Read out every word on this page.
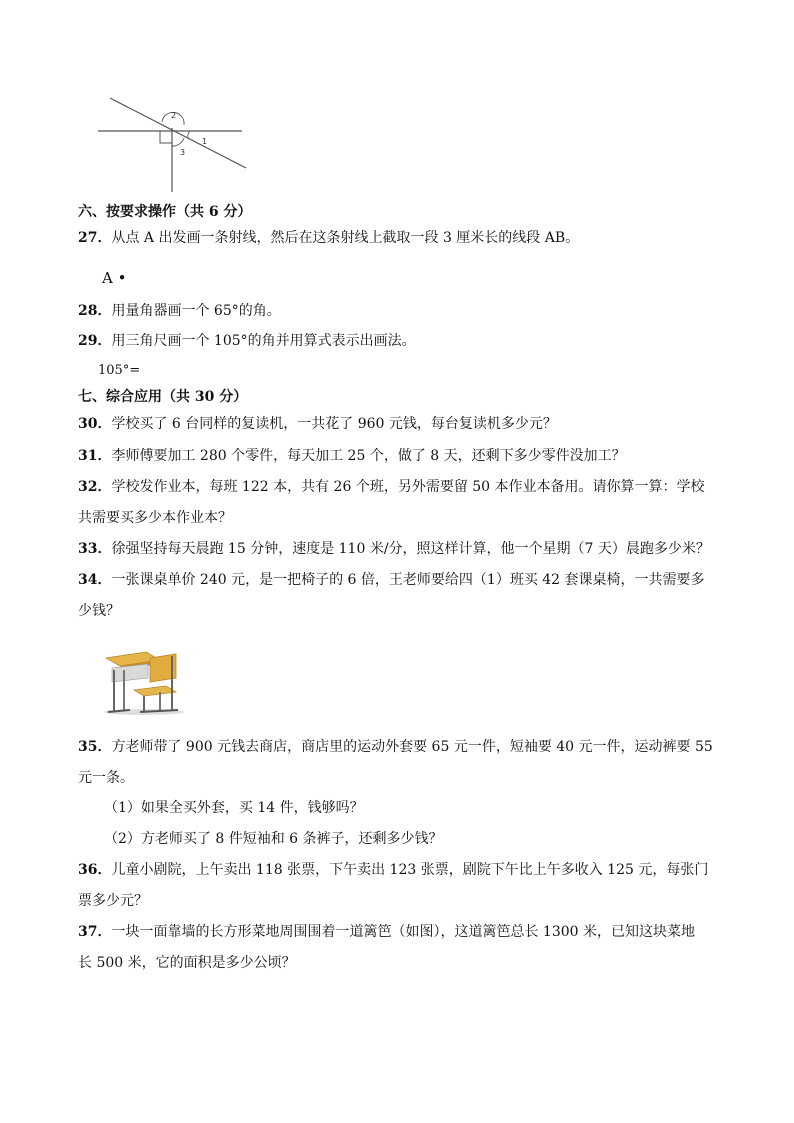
2
1
3
六、按要求操作（共 6 分）
27．从点 A 出发画一条射线，然后在这条射线上截取一段 3 厘米长的线段 AB。
A •
28．用量角器画一个 65°的角。
29．用三角尺画一个 105°的角并用算式表示出画法。
105°=
七、综合应用（共 30 分）
30．学校买了 6 台同样的复读机，一共花了 960 元钱，每台复读机多少元？
31．李师傅要加工 280 个零件，每天加工 25 个，做了 8 天，还剩下多少零件没加工？
32．学校发作业本，每班 122 本，共有 26 个班，另外需要留 50 本作业本备用。请你算一算：学校
共需要买多少本作业本？
33．徐强坚持每天晨跑 15 分钟，速度是 110 米/分，照这样计算，他一个星期（7 天）晨跑多少米？
34．一张课桌单价 240 元，是一把椅子的 6 倍，王老师要给四（1）班买 42 套课桌椅，一共需要多
少钱？
35．方老师带了 900 元钱去商店，商店里的运动外套要 65 元一件，短袖要 40 元一件，运动裤要 55
元一条。
（1）如果全买外套，买 14 件，钱够吗？
（2）方老师买了 8 件短袖和 6 条裤子，还剩多少钱？
36．儿童小剧院，上午卖出 118 张票，下午卖出 123 张票，剧院下午比上午多收入 125 元，每张门
票多少元？
37．一块一面靠墙的长方形菜地周围围着一道篱笆（如图），这道篱笆总长 1300 米，已知这块菜地
长 500 米，它的面积是多少公顷？
